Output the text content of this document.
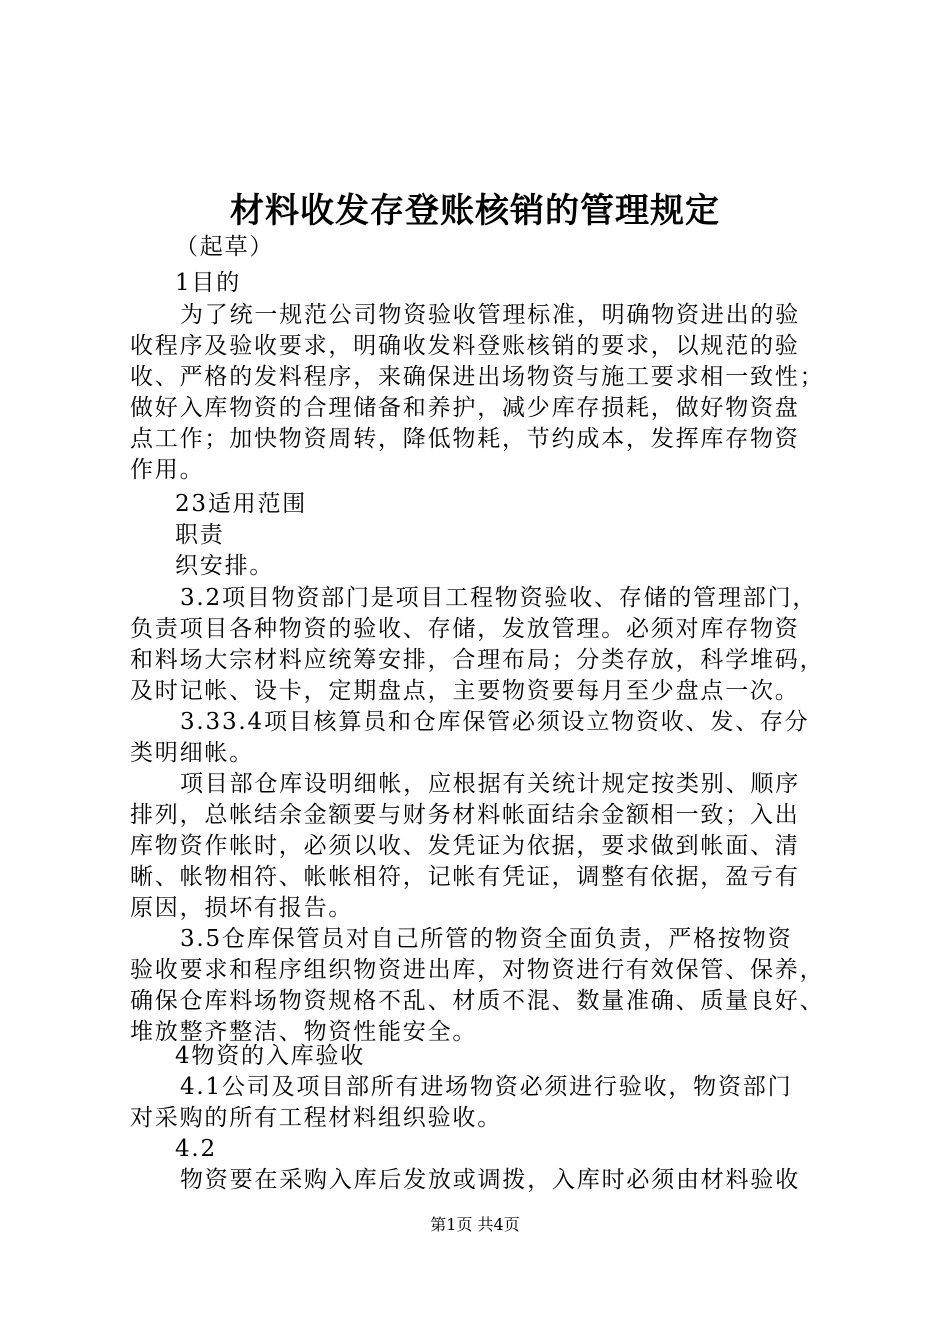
材料收发存登账核销的管理规定
（起草）
1目的
为了统一规范公司物资验收管理标准，明确物资进出的验
收程序及验收要求，明确收发料登账核销的要求，以规范的验
收、严格的发料程序，来确保进出场物资与施工要求相一致性；
做好入库物资的合理储备和养护，减少库存损耗，做好物资盘
点工作；加快物资周转，降低物耗，节约成本，发挥库存物资
作用。
23适用范围
职责
织安排。
3.2项目物资部门是项目工程物资验收、存储的管理部门，
负责项目各种物资的验收、存储，发放管理。必须对库存物资
和料场大宗材料应统筹安排，合理布局；分类存放，科学堆码，
及时记帐、设卡，定期盘点，主要物资要每月至少盘点一次。
3.33.4项目核算员和仓库保管必须设立物资收、发、存分
类明细帐。
项目部仓库设明细帐，应根据有关统计规定按类别、顺序
排列，总帐结余金额要与财务材料帐面结余金额相一致；入出
库物资作帐时，必须以收、发凭证为依据，要求做到帐面、清
晰、帐物相符、帐帐相符，记帐有凭证，调整有依据，盈亏有
原因，损坏有报告。
3.5仓库保管员对自己所管的物资全面负责，严格按物资
验收要求和程序组织物资进出库，对物资进行有效保管、保养，
确保仓库料场物资规格不乱、材质不混、数量准确、质量良好、
堆放整齐整洁、物资性能安全。
4物资的入库验收
4.1公司及项目部所有进场物资必须进行验收，物资部门
对采购的所有工程材料组织验收。
4.2
物资要在采购入库后发放或调拨，入库时必须由材料验收
第1页 共4页
